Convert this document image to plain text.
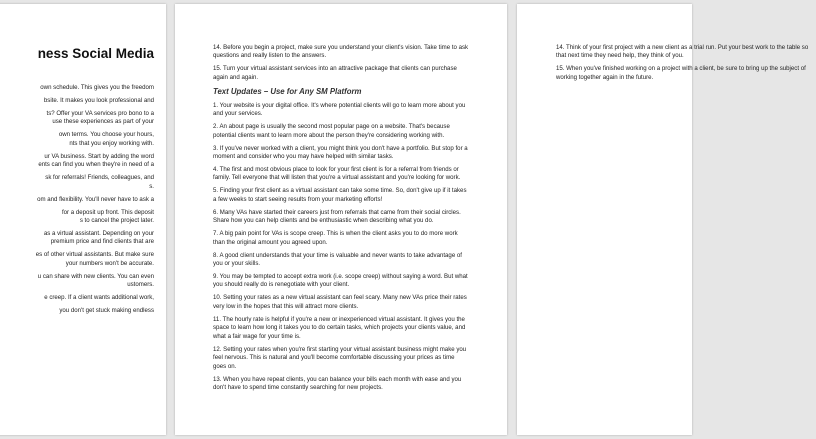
ness Social Media

own schedule. This gives you the freedom

bsite. It makes you look professional and

ts? Offer your VA services pro bono to a
use these experiences as part of your

own terms. You choose your hours,
nts that you enjoy working with.

ur VA business. Start by adding the word
ents can find you when they're in need of a

sk for referrals! Friends, colleagues, and
s.

om and flexibility. You'll never have to ask a

for a deposit up front. This deposit
s to cancel the project later.

as a virtual assistant. Depending on your
premium price and find clients that are

es of other virtual assistants. But make sure
your numbers won't be accurate.

u can share with new clients. You can even
ustomers.

e creep. If a client wants additional work,

you don't get stuck making endless

14. Before you begin a project, make sure you understand your client's vision. Take time to ask questions and really listen to the answers.

15. Turn your virtual assistant services into an attractive package that clients can purchase again and again.

Text Updates – Use for Any SM Platform

1. Your website is your digital office. It's where potential clients will go to learn more about you and your services.

2. An about page is usually the second most popular page on a website. That's because potential clients want to learn more about the person they're considering working with.

3. If you've never worked with a client, you might think you don't have a portfolio. But stop for a moment and consider who you may have helped with similar tasks.

4. The first and most obvious place to look for your first client is for a referral from friends or family. Tell everyone that will listen that you're a virtual assistant and you're looking for work.

5. Finding your first client as a virtual assistant can take some time. So, don't give up if it takes a few weeks to start seeing results from your marketing efforts!

6. Many VAs have started their careers just from referrals that came from their social circles. Share how you can help clients and be enthusiastic when describing what you do.

7. A big pain point for VAs is scope creep. This is when the client asks you to do more work than the original amount you agreed upon.

8. A good client understands that your time is valuable and never wants to take advantage of you or your skills.

9. You may be tempted to accept extra work (i.e. scope creep) without saying a word. But what you should really do is renegotiate with your client.

10. Setting your rates as a new virtual assistant can feel scary. Many new VAs price their rates very low in the hopes that this will attract more clients.

11. The hourly rate is helpful if you're a new or inexperienced virtual assistant. It gives you the space to learn how long it takes you to do certain tasks, which projects your clients value, and what a fair wage for your time is.

12. Setting your rates when you're first starting your virtual assistant business might make you feel nervous. This is natural and you'll become comfortable discussing your prices as time goes on.

13. When you have repeat clients, you can balance your bills each month with ease and you don't have to spend time constantly searching for new projects.

14. Think of your first project with a new client as a trial run. Put your best work to the table so that next time they need help, they think of you.

15. When you've finished working on a project with a client, be sure to bring up the subject of working together again in the future.
